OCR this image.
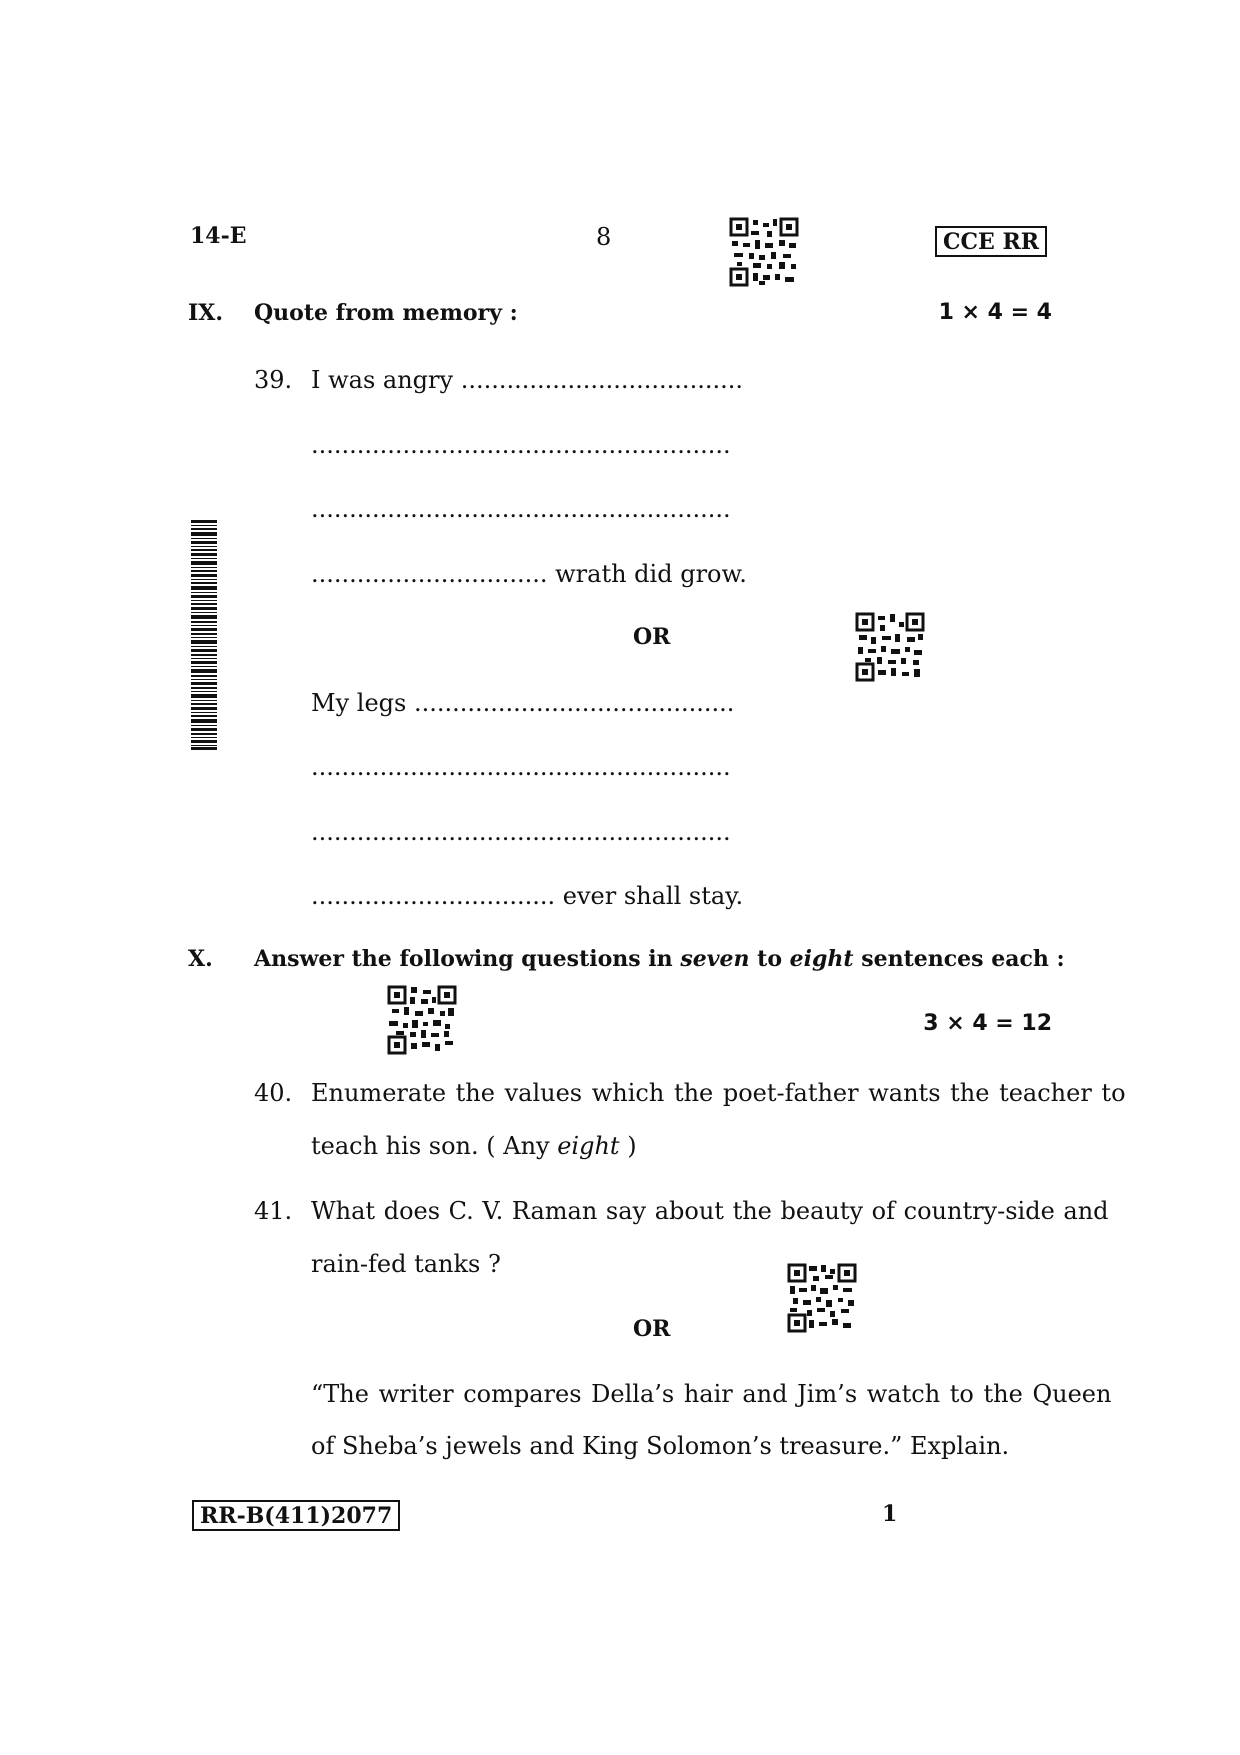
14-E	8	CCE RR
IX. Quote from memory :	1 × 4 = 4
39. I was angry .....................................
.......................................................
.......................................................
............................... wrath did grow.
OR
My legs ..........................................
.......................................................
.......................................................
................................ ever shall stay.
X. Answer the following questions in seven to eight sentences each :
3 × 4 = 12
40. Enumerate the values which the poet-father wants the teacher to
teach his son. ( Any eight )
41. What does C. V. Raman say about the beauty of country-side and
rain-fed tanks ?
OR
“The writer compares Della’s hair and Jim’s watch to the Queen
of Sheba’s jewels and King Solomon’s treasure.” Explain.
RR-B(411)2077	1
